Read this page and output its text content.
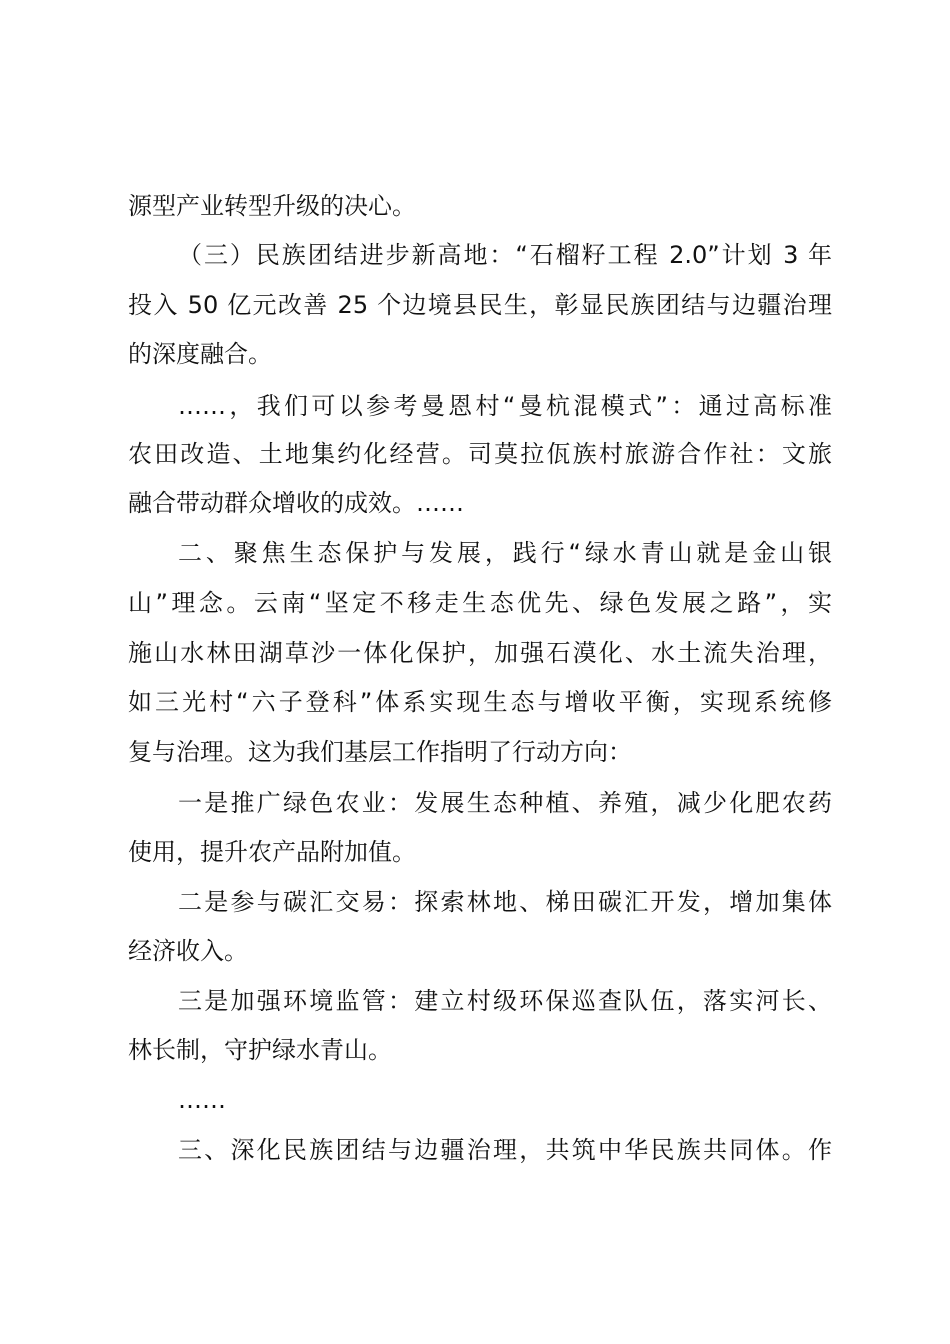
源型产业转型升级的决心。
（三）民族团结进步新高地：“石榴籽工程 2.0”计划 3 年
投入 50 亿元改善 25 个边境县民生，彰显民族团结与边疆治理
的深度融合。
……，我们可以参考曼恩村“曼杭混模式”：通过高标准
农田改造、土地集约化经营。司莫拉佤族村旅游合作社：文旅
融合带动群众增收的成效。……
二、聚焦生态保护与发展，践行“绿水青山就是金山银
山”理念。云南“坚定不移走生态优先、绿色发展之路”，实
施山水林田湖草沙一体化保护，加强石漠化、水土流失治理，
如三光村“六子登科”体系实现生态与增收平衡，实现系统修
复与治理。这为我们基层工作指明了行动方向：
一是推广绿色农业：发展生态种植、养殖，减少化肥农药
使用，提升农产品附加值。
二是参与碳汇交易：探索林地、梯田碳汇开发，增加集体
经济收入。
三是加强环境监管：建立村级环保巡查队伍，落实河长、
林长制，守护绿水青山。
……
三、深化民族团结与边疆治理，共筑中华民族共同体。作
